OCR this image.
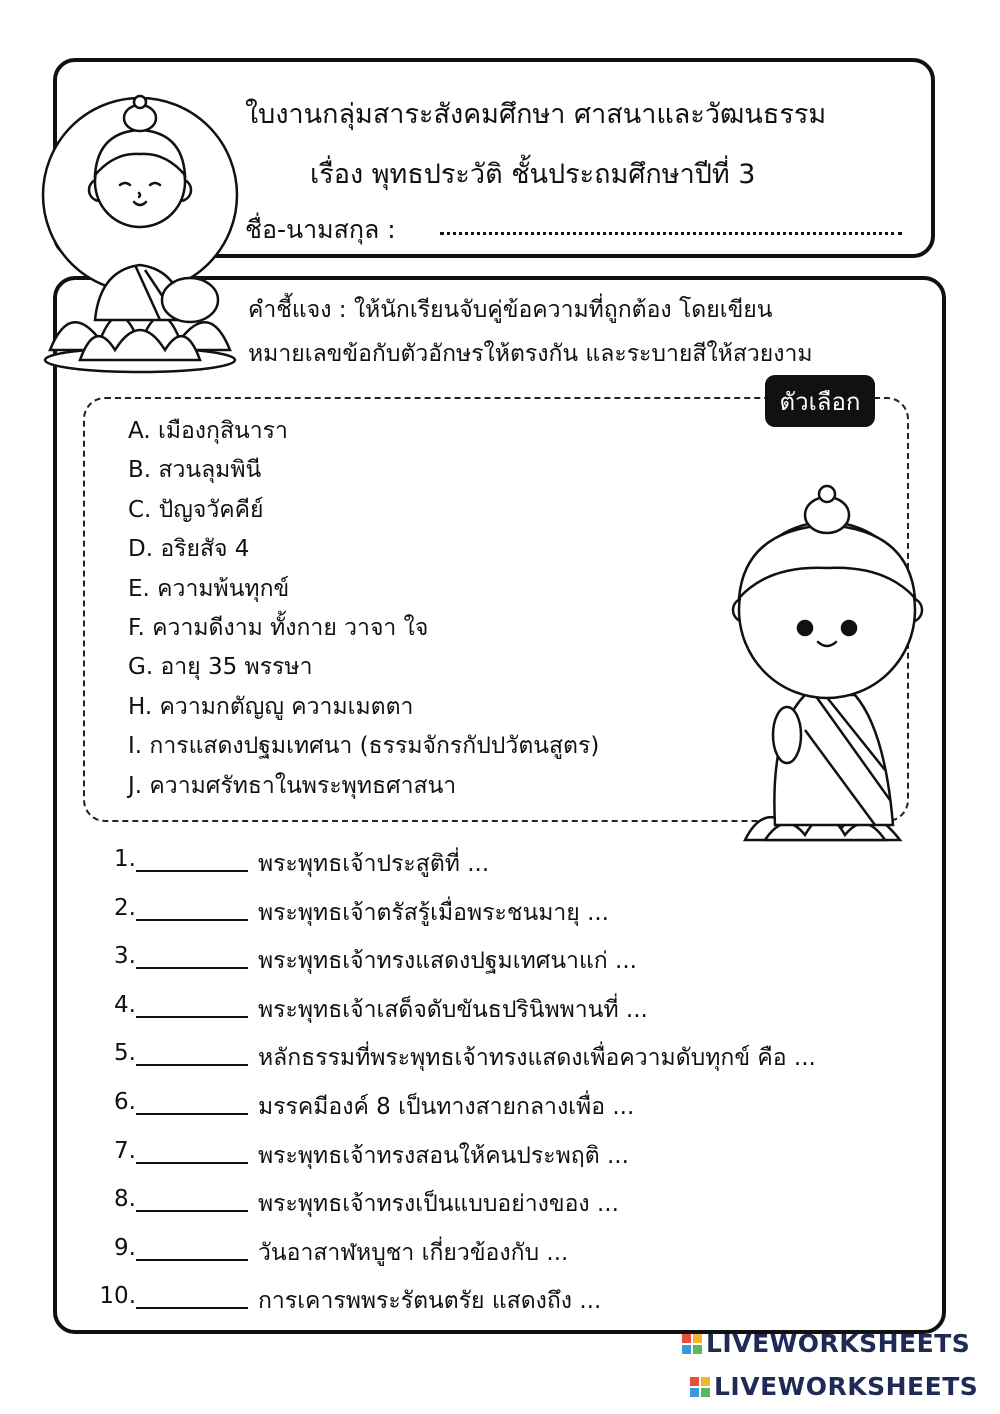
ใบงานกลุ่มสาระสังคมศึกษา ศาสนาและวัฒนธรรม
เรื่อง พุทธประวัติ ชั้นประถมศึกษาปีที่ 3
ชื่อ-นามสกุล :
คำชี้แจง : ให้นักเรียนจับคู่ข้อความที่ถูกต้อง โดยเขียน
หมายเลขข้อกับตัวอักษรให้ตรงกัน และระบายสีให้สวยงาม
ตัวเลือก
A. เมืองกุสินารา
B. สวนลุมพินี
C. ปัญจวัคคีย์
D. อริยสัจ 4
E. ความพ้นทุกข์
F. ความดีงาม ทั้งกาย วาจา ใจ
G. อายุ 35 พรรษา
H. ความกตัญญู ความเมตตา
I. การแสดงปฐมเทศนา (ธรรมจักรกัปปวัตนสูตร)
J. ความศรัทธาในพระพุทธศาสนา
1.	พระพุทธเจ้าประสูติที่ ...
2.	พระพุทธเจ้าตรัสรู้เมื่อพระชนมายุ ...
3.	พระพุทธเจ้าทรงแสดงปฐมเทศนาแก่ ...
4.	พระพุทธเจ้าเสด็จดับขันธปรินิพพานที่ ...
5.	หลักธรรมที่พระพุทธเจ้าทรงแสดงเพื่อความดับทุกข์ คือ ...
6.	มรรคมีองค์ 8 เป็นทางสายกลางเพื่อ ...
7.	พระพุทธเจ้าทรงสอนให้คนประพฤติ ...
8.	พระพุทธเจ้าทรงเป็นแบบอย่างของ ...
9.	วันอาสาฬหบูชา เกี่ยวข้องกับ ...
10.	การเคารพพระรัตนตรัย แสดงถึง ...
LIVEWORKSHEETS
LIVEWORKSHEETS
